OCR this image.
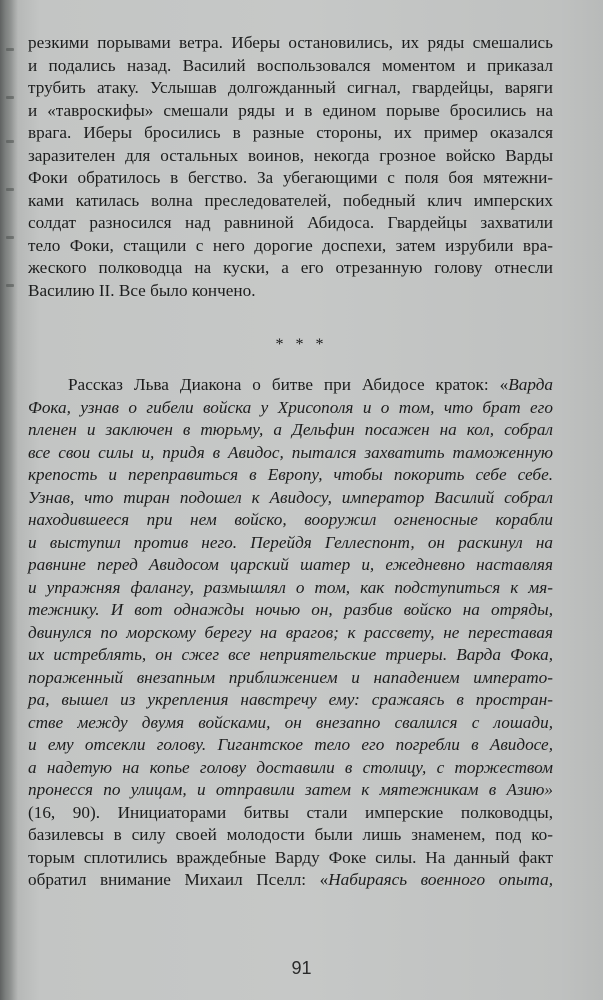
резкими порывами ветра. Иберы остановились, их ряды смешались
и подались назад. Василий воспользовался моментом и приказал
трубить атаку. Услышав долгожданный сигнал, гвардейцы, варяги
и «тавроскифы» смешали ряды и в едином порыве бросились на
врага. Иберы бросились в разные стороны, их пример оказался
заразителен для остальных воинов, некогда грозное войско Варды
Фоки обратилось в бегство. За убегающими с поля боя мятежни-
ками катилась волна преследователей, победный клич имперских
солдат разносился над равниной Абидоса. Гвардейцы захватили
тело Фоки, стащили с него дорогие доспехи, затем изрубили вра-
жеского полководца на куски, а его отрезанную голову отнесли
Василию II. Все было кончено.
* * *
Рассказ Льва Диакона о битве при Абидосе краток: «Варда
Фока, узнав о гибели войска у Хрисополя и о том, что брат его
пленен и заключен в тюрьму, а Дельфин посажен на кол, собрал
все свои силы и, придя в Авидос, пытался захватить таможенную
крепость и переправиться в Европу, чтобы покорить себе себе.
Узнав, что тиран подошел к Авидосу, император Василий собрал
находившееся при нем войско, вооружил огненосные корабли
и выступил против него. Перейдя Геллеспонт, он раскинул на
равнине перед Авидосом царский шатер и, ежедневно наставляя
и упражняя фалангу, размышлял о том, как подступиться к мя-
тежнику. И вот однажды ночью он, разбив войско на отряды,
двинулся по морскому берегу на врагов; к рассвету, не переставая
их истреблять, он сжег все неприятельские триеры. Варда Фока,
пораженный внезапным приближением и нападением императо-
ра, вышел из укрепления навстречу ему: сражаясь в простран-
стве между двумя войсками, он внезапно свалился с лошади,
и ему отсекли голову. Гигантское тело его погребли в Авидосе,
а надетую на копье голову доставили в столицу, с торжеством
пронесся по улицам, и отправили затем к мятежникам в Азию»
(16, 90). Инициаторами битвы стали имперские полководцы,
базилевсы в силу своей молодости были лишь знаменем, под ко-
торым сплотились враждебные Варду Фоке силы. На данный факт
обратил внимание Михаил Пселл: «Набираясь военного опыта,
91
